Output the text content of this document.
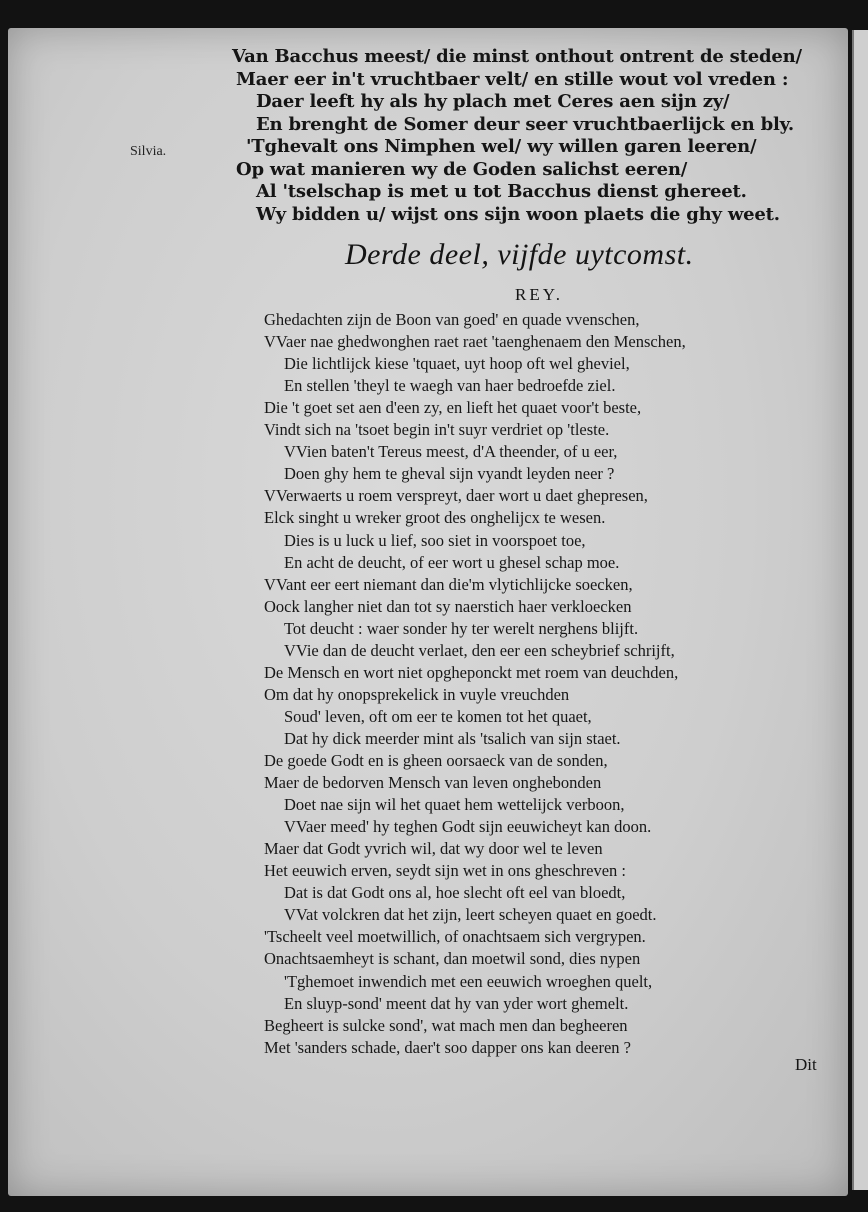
Van Bacchus meest/ die minst onthout ontrent de steden/
Maer eer in't vruchtbaer velt/ en stille wout vol vreden :
Daer leeft hy als hy plach met Ceres aen sijn zy/
En brenght de Somer deur seer vruchtbaerlijck en bly.
'Tghevalt ons Nimphen wel/ wy willen garen leeren/
Op wat manieren wy de Goden salichst eeren/
Al 'tselschap is met u tot Bacchus dienst ghereet.
Wy bidden u/ wijst ons sijn woon plaets die ghy weet.
Silvia.
Derde deel, vijfde uytcomst.
REY.
Ghedachten zijn de Boon van goed' en quade vvenschen,
VVaer nae ghedwonghen raet raet 'taenghenaem den Menschen,
Die lichtlijck kiese 'tquaet, uyt hoop oft wel gheviel,
En stellen 'theyl te waegh van haer bedroefde ziel.
Die 't goet set aen d'een zy, en lieft het quaet voor't beste,
Vindt sich na 'tsoet begin in't suyr verdriet op 'tleste.
VVien baten't Tereus meest, d'A theender, of u eer,
Doen ghy hem te gheval sijn vyandt leyden neer ?
VVerwaerts u roem verspreyt, daer wort u daet ghepresen,
Elck singht u wreker groot des onghelijcx te wesen.
Dies is u luck u lief, soo siet in voorspoet toe,
En acht de deucht, of eer wort u ghesel schap moe.
VVant eer eert niemant dan die'm vlytichlijcke soecken,
Oock langher niet dan tot sy naerstich haer verkloecken
Tot deucht : waer sonder hy ter werelt nerghens blijft.
VVie dan de deucht verlaet, den eer een scheybrief schrijft,
De Mensch en wort niet opgheponckt met roem van deuchden,
Om dat hy onopsprekelick in vuyle vreuchden
Soud' leven, oft om eer te komen tot het quaet,
Dat hy dick meerder mint als 'tsalich van sijn staet.
De goede Godt en is gheen oorsaeck van de sonden,
Maer de bedorven Mensch van leven onghebonden
Doet nae sijn wil het quaet hem wettelijck verboon,
VVaer meed' hy teghen Godt sijn eeuwicheyt kan doon.
Maer dat Godt yvrich wil, dat wy door wel te leven
Het eeuwich erven, seydt sijn wet in ons gheschreven :
Dat is dat Godt ons al, hoe slecht oft eel van bloedt,
VVat volckren dat het zijn, leert scheyen quaet en goedt.
'Tscheelt veel moetwillich, of onachtsaem sich vergrypen.
Onachtsaemheyt is schant, dan moetwil sond, dies nypen
'Tghemoet inwendich met een eeuwich wroeghen quelt,
En sluyp-sond' meent dat hy van yder wort ghemelt.
Begheert is sulcke sond', wat mach men dan begheeren
Met 'sanders schade, daer't soo dapper ons kan deeren ?
Dit
